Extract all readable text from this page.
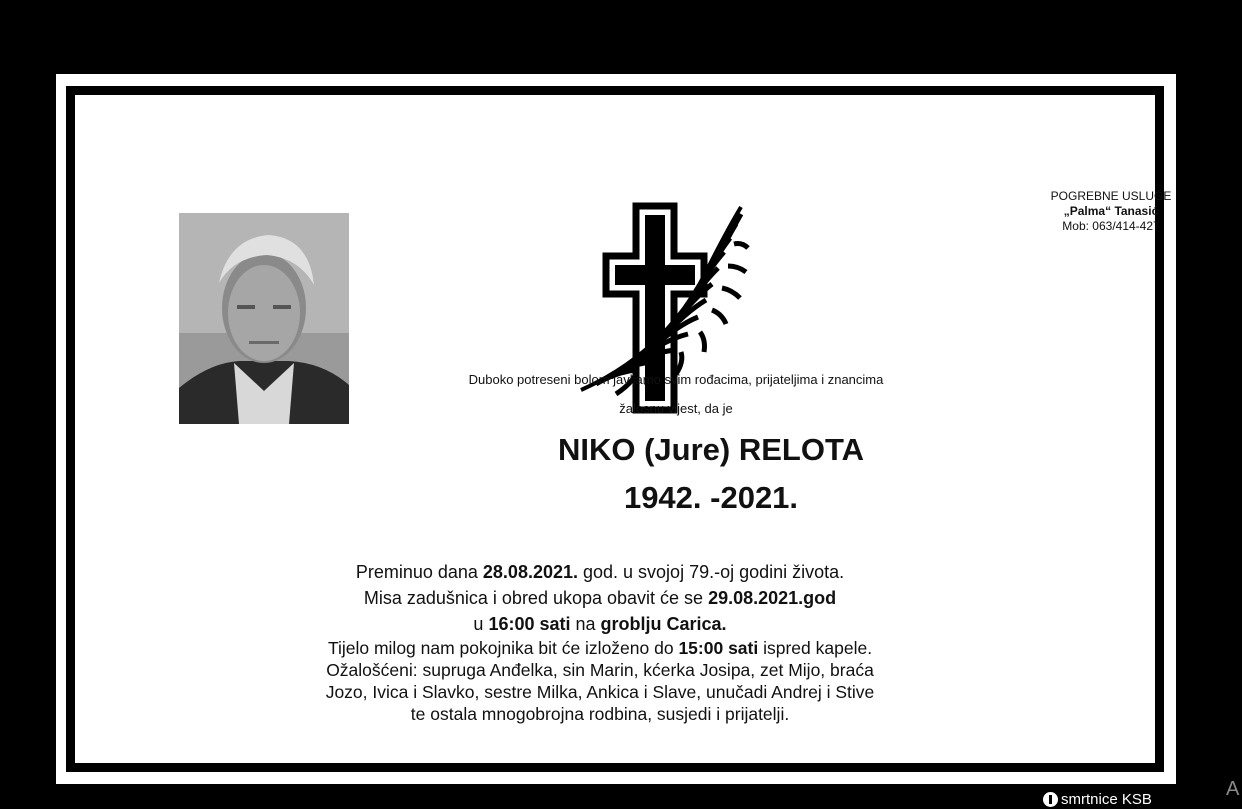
POGREBNE USLUGE
„Palma“ Tanasić
Mob: 063/414-427
Duboko potreseni bolom javljamo svim rođacima, prijateljima i znancima
žalosnu vijest, da je
NIKO (Jure) RELOTA
1942. -2021.
Preminuo dana 28.08.2021. god. u svojoj 79.-oj godini života.
Misa zadušnica i obred ukopa obavit će se 29.08.2021.god
u 16:00 sati na groblju Carica.
Tijelo milog nam pokojnika bit će izloženo do 15:00 sati ispred kapele.
Ožalošćeni: supruga Anđelka, sin Marin, kćerka Josipa, zet Mijo, braća
Jozo, Ivica i Slavko, sestre Milka, Ankica i Slave, unučadi Andrej i Stive
te ostala mnogobrojna rodbina, susjedi i prijatelji.
smrtnice KSB	A
